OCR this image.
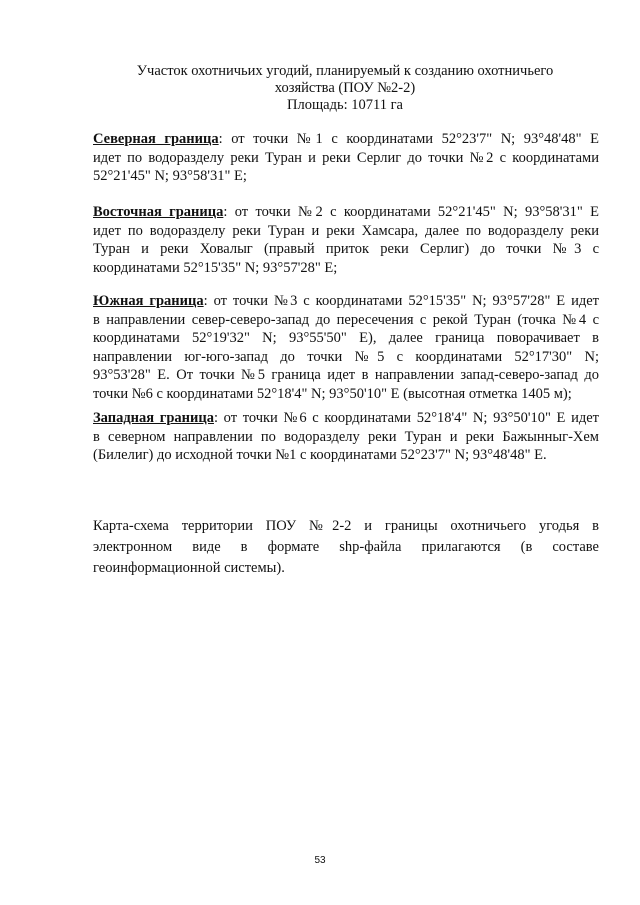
Участок охотничьих угодий, планируемый к созданию охотничьего
хозяйства (ПОУ №2-2)
Площадь: 10711 га
Северная граница: от точки №1 с координатами 52°23'7" N; 93°48'48" E
идет по водоразделу реки Туран и реки Серлиг до точки №2 с координатами
52°21'45" N; 93°58'31" E;
Восточная граница: от точки №2 с координатами 52°21'45" N; 93°58'31" E
идет по водоразделу реки Туран и реки Хамсара, далее по водоразделу реки
Туран и реки Ховалыг (правый приток реки Серлиг) до точки №3 с
координатами 52°15'35" N; 93°57'28" E;
Южная граница: от точки №3 с координатами 52°15'35" N; 93°57'28" E идет
в направлении север-северо-запад до пересечения с рекой Туран (точка №4 с
координатами 52°19'32" N; 93°55'50" E), далее граница поворачивает в
направлении юг-юго-запад до точки №5 с координатами 52°17'30" N;
93°53'28" E. От точки №5 граница идет в направлении запад-северо-запад до
точки №6 с координатами 52°18'4" N; 93°50'10" E (высотная отметка 1405 м);
Западная граница: от точки №6 с координатами 52°18'4" N; 93°50'10" E идет
в северном направлении по водоразделу реки Туран и реки Бажынныг-Хем
(Билелиг) до исходной точки №1 с координатами 52°23'7" N; 93°48'48" E.
Карта-схема территории ПОУ №2-2 и границы охотничьего угодья в
электронном виде в формате shp-файла прилагаются (в составе
геоинформационной системы).
53
